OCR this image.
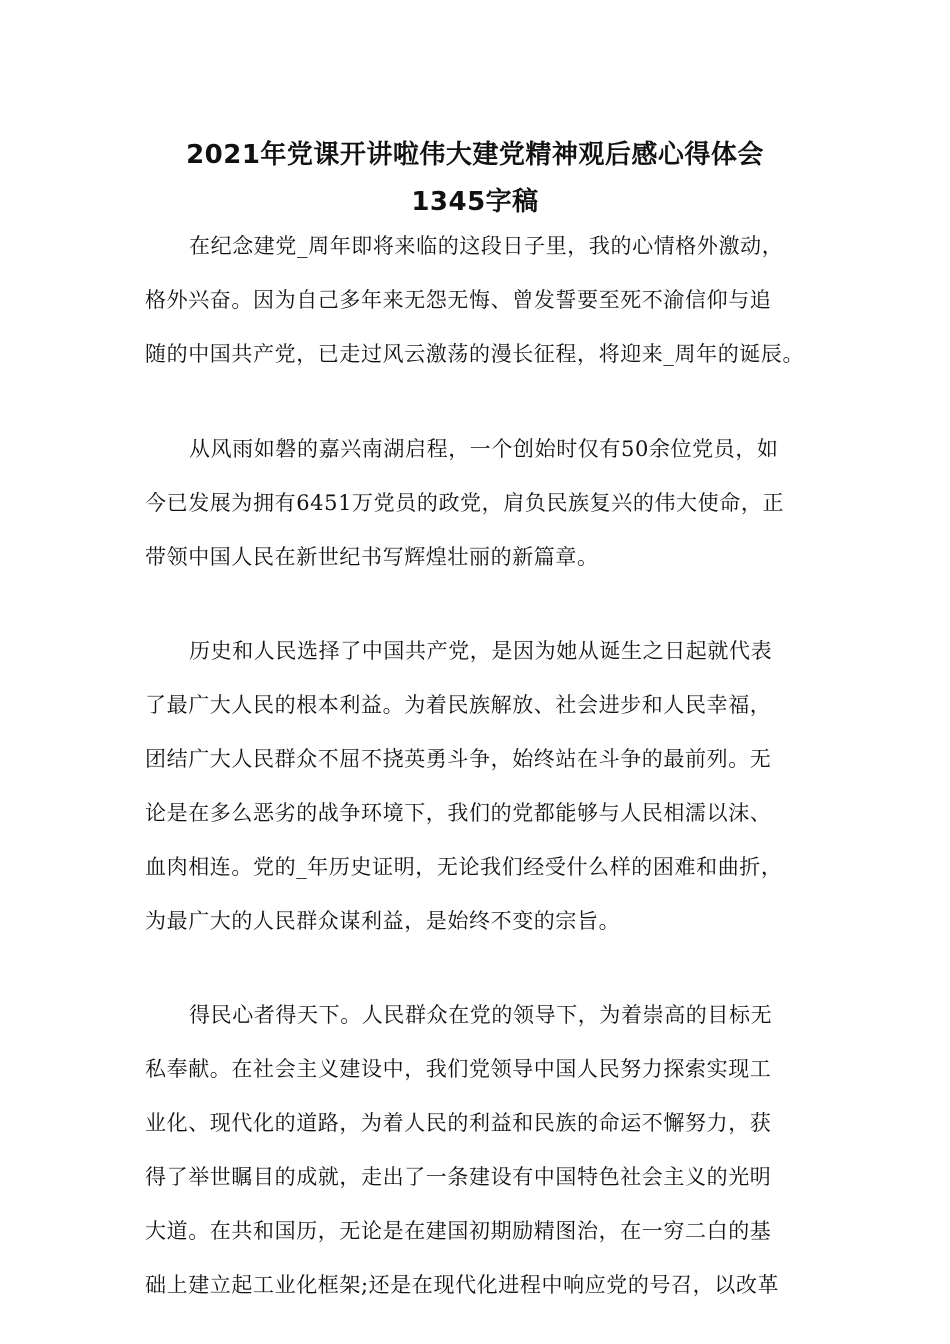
2021年党课开讲啦伟大建党精神观后感心得体会
1345字稿
在纪念建党_周年即将来临的这段日子里，我的心情格外激动，
格外兴奋。因为自己多年来无怨无悔、曾发誓要至死不渝信仰与追
随的中国共产党，已走过风云激荡的漫长征程，将迎来_周年的诞辰。
从风雨如磐的嘉兴南湖启程，一个创始时仅有50余位党员，如
今已发展为拥有6451万党员的政党，肩负民族复兴的伟大使命，正
带领中国人民在新世纪书写辉煌壮丽的新篇章。
历史和人民选择了中国共产党，是因为她从诞生之日起就代表
了最广大人民的根本利益。为着民族解放、社会进步和人民幸福，
团结广大人民群众不屈不挠英勇斗争，始终站在斗争的最前列。无
论是在多么恶劣的战争环境下，我们的党都能够与人民相濡以沫、
血肉相连。党的_年历史证明，无论我们经受什么样的困难和曲折，
为最广大的人民群众谋利益，是始终不变的宗旨。
得民心者得天下。人民群众在党的领导下，为着崇高的目标无
私奉献。在社会主义建设中，我们党领导中国人民努力探索实现工
业化、现代化的道路，为着人民的利益和民族的命运不懈努力，获
得了举世瞩目的成就，走出了一条建设有中国特色社会主义的光明
大道。在共和国历，无论是在建国初期励精图治，在一穷二白的基
础上建立起工业化框架;还是在现代化进程中响应党的号召，以改革
